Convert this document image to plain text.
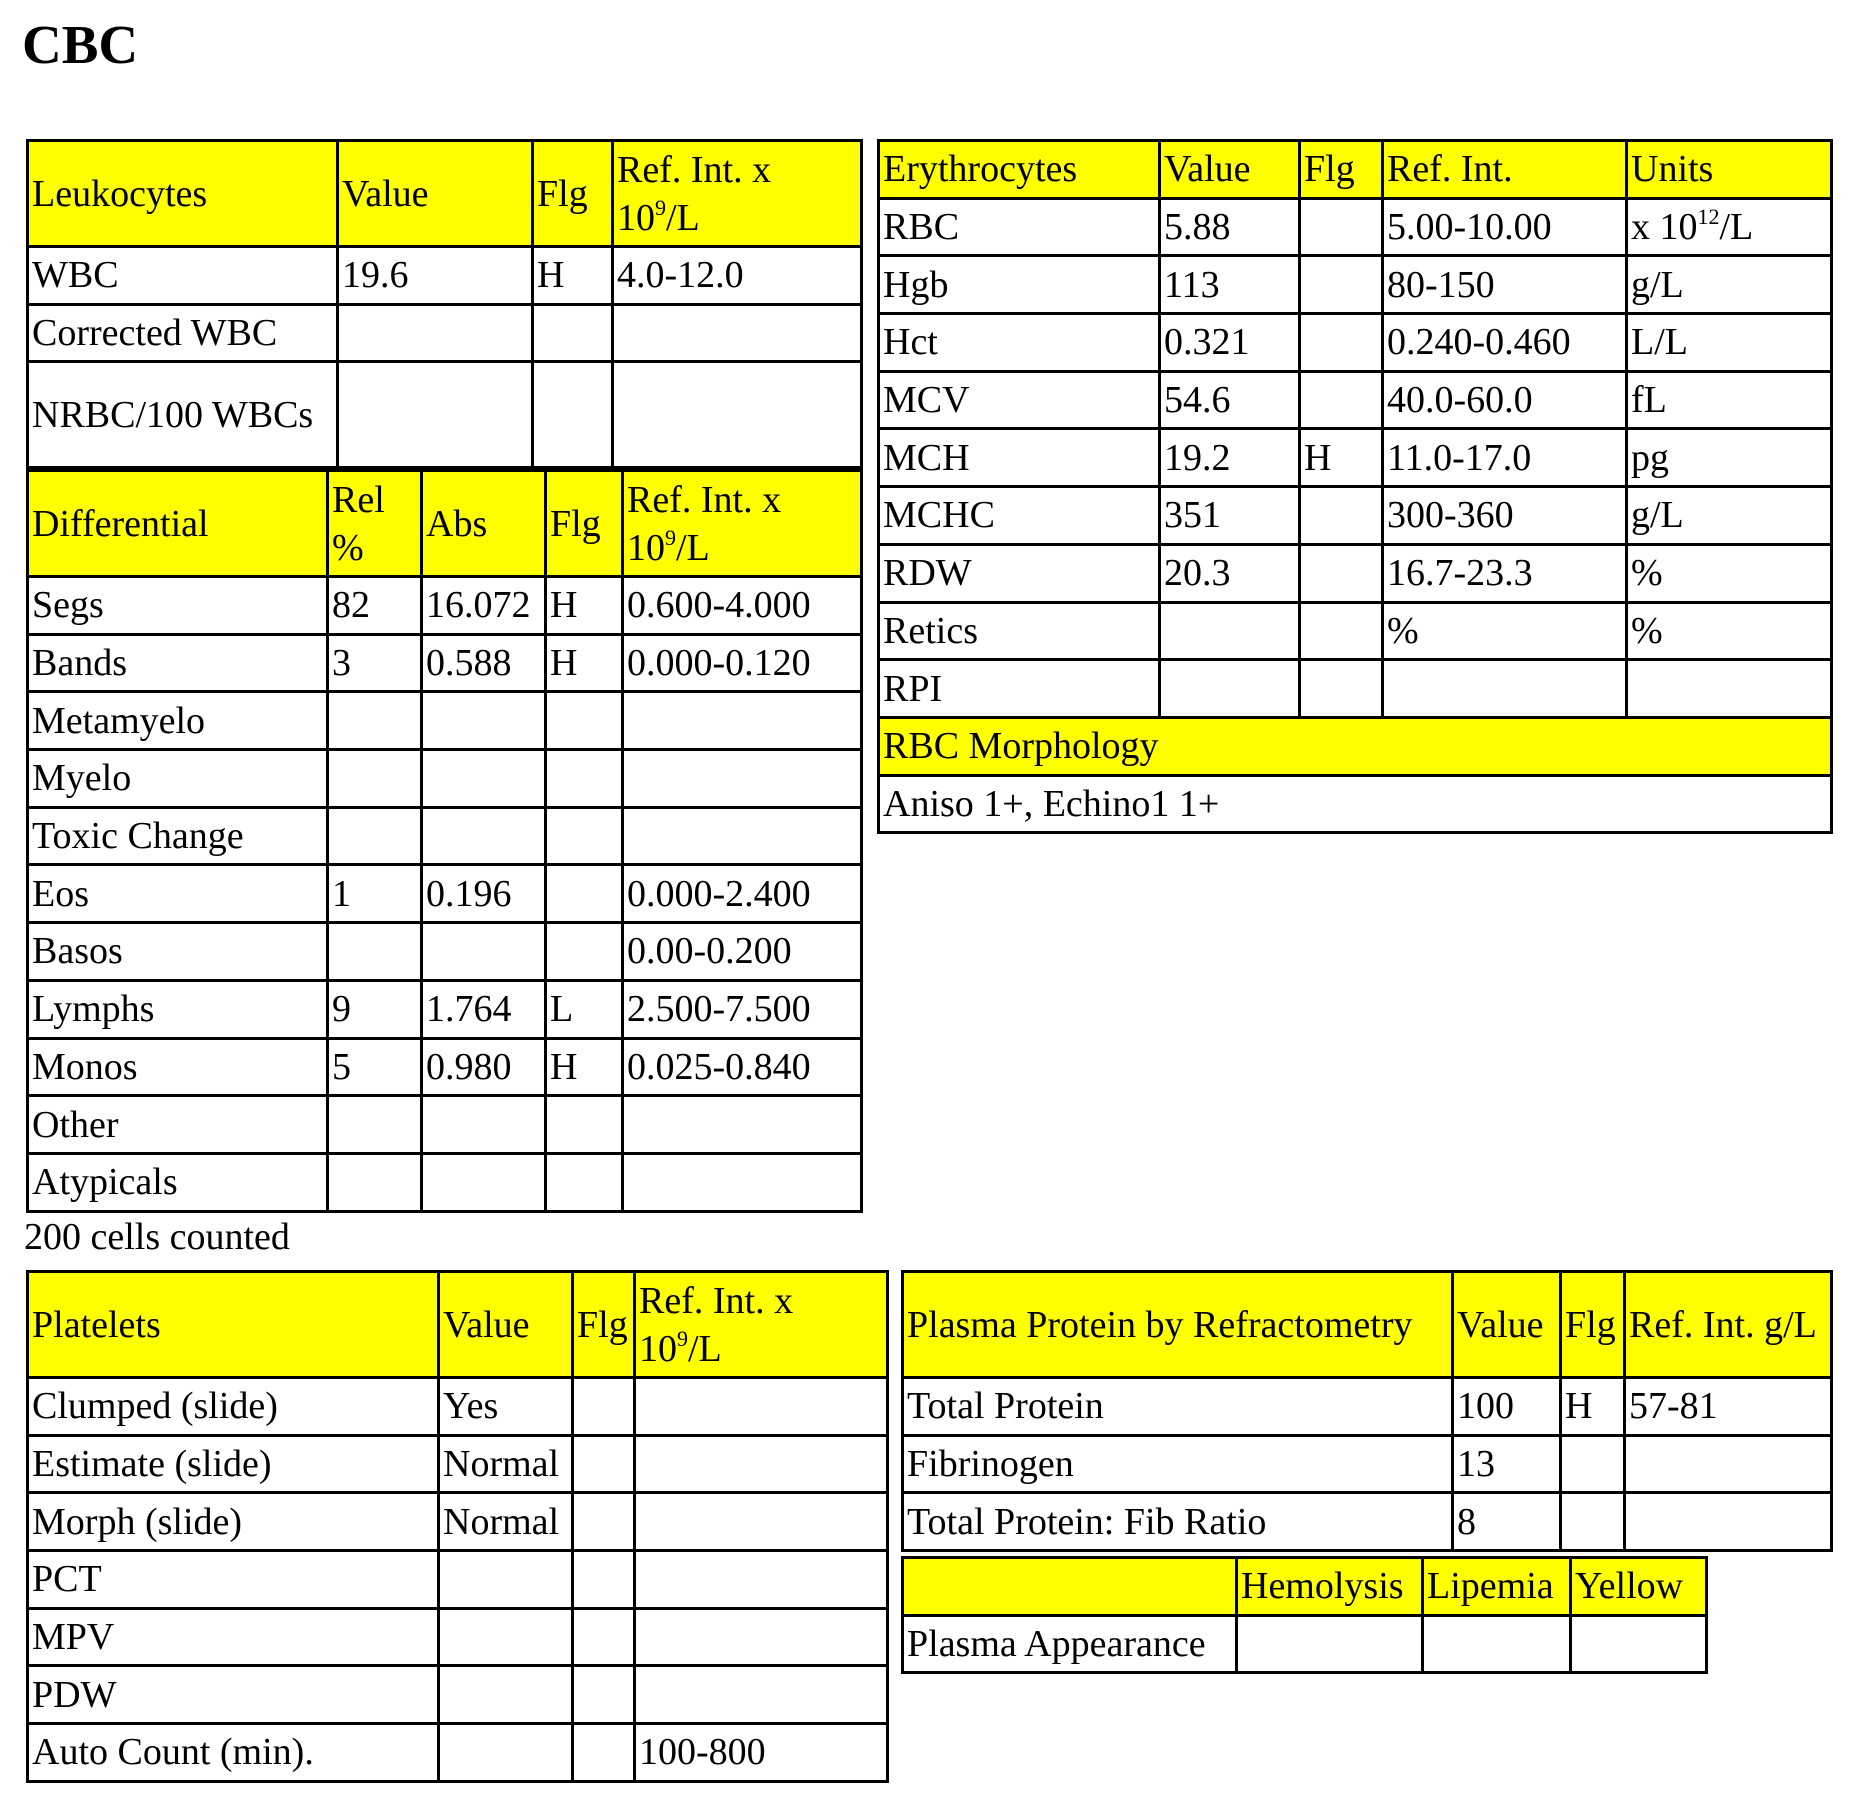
CBC
Leukocytes	Value	Flg	Ref. Int. x $10^9/L$
WBC	19.6	H	4.0-12.0
Corrected WBC			
NRBC/100 WBCs			
Differential	Rel %	Abs	Flg	Ref. Int. x $10^9/L$
Segs	82	16.072	H	0.600-4.000
Bands	3	0.588	H	0.000-0.120
Metamyelo				
Myelo				
Toxic Change				
Eos	1	0.196		0.000-2.400
Basos				0.00-0.200
Lymphs	9	1.764	L	2.500-7.500
Monos	5	0.980	H	0.025-0.840
Other				
Atypicals				
200 cells counted
Erythrocytes	Value	Flg	Ref. Int.	Units
RBC	5.88		5.00-10.00	x $10^{12}/L$
Hgb	113		80-150	g/L
Hct	0.321		0.240-0.460	L/L
MCV	54.6		40.0-60.0	fL
MCH	19.2	H	11.0-17.0	pg
MCHC	351		300-360	g/L
RDW	20.3		16.7-23.3	%
Retics			%	%
RPI				
RBC Morphology				
Aniso 1+, Echino1 1+				
Platelets	Value	Flg	Ref. Int. x $10^9/L$
Clumped (slide)	Yes		
Estimate (slide)	Normal		
Morph (slide)	Normal		
PCT			
MPV			
PDW			
Auto Count (min).			100-800
Plasma Protein by Refractometry	Value	Flg	Ref. Int. g/L
Total Protein	100	H	57-81
Fibrinogen	13		
Total Protein: Fib Ratio	8		
	Hemolysis	Lipemia	Yellow
Plasma Appearance			
